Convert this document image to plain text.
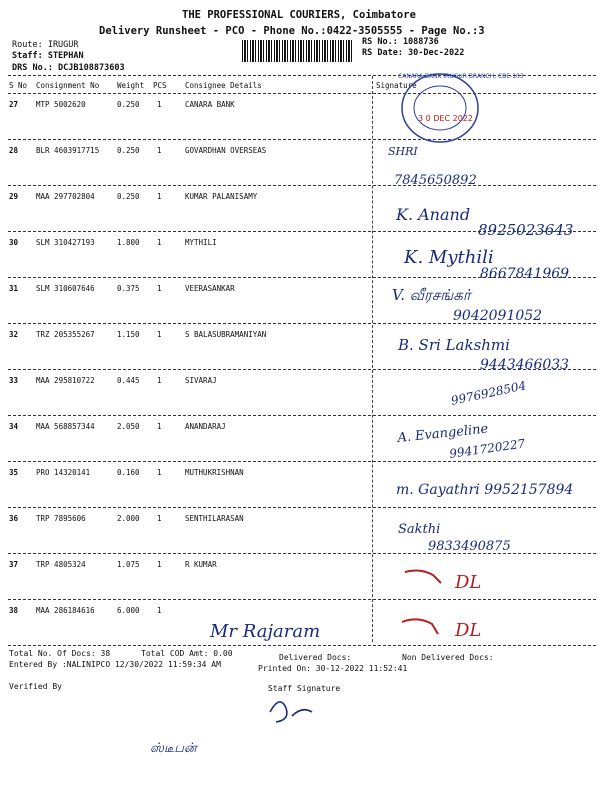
THE PROFESSIONAL COURIERS, Coimbatore
Delivery Runsheet - PCO - Phone No.:0422-3505555 - Page No.:3
Route: IRUGUR
Staff: STEPHAN
DRS No.: DCJB108873603
RS No.: 1088736
RS Date: 30-Dec-2022
S No Consignment No Weight PCS Consignee Details	Signature
27 MTP 5002620	0.250 1	CANARA BANK
28 BLR 4603917715 0.250 1	GOVARDHAN OVERSEAS
29 MAA 297702804	0.250 1	KUMAR PALANISAMY
30 SLM 310427193	1.800 1	MYTHILI
31 SLM 310607646	0.375 1	VEERASANKAR
32 TRZ 205355267	1.150 1	S BALASUBRAMANIYAN
33 MAA 295810722	0.445 1	SIVARAJ
34 MAA 568857344	2.050 1	ANANDARAJ
35 PRO 14320141	0.160 1	MUTHUKRISHNAN
36 TRP 7895606	2.000 1	SENTHILARASAN
37 TRP 4805324	1.075 1	R KUMAR
38 MAA 286184616	6.000 1
CANARA BANK IRUGUR BRANCH, CBE-103
3 0 DEC 2022
SHRI
7845650892
K. Anand
8925023643
K. Mythili
8667841969
V. வீரசங்கர்
9042091052
B. Sri Lakshmi
9443466033
9976928504
A. Evangeline
9941720227
m. Gayathri 9952157894
Sakthi
9833490875
DL
Mr Rajaram	DL
ஸ்டீபன்
Total No. Of Docs: 38	Total COD Amt: 0.00	Delivered Docs:	Non Delivered Docs:
Entered By :NALINIPCO 12/30/2022 11:59:34 AM	Printed On: 30-12-2022 11:52:41
Verified By	Staff Signature
